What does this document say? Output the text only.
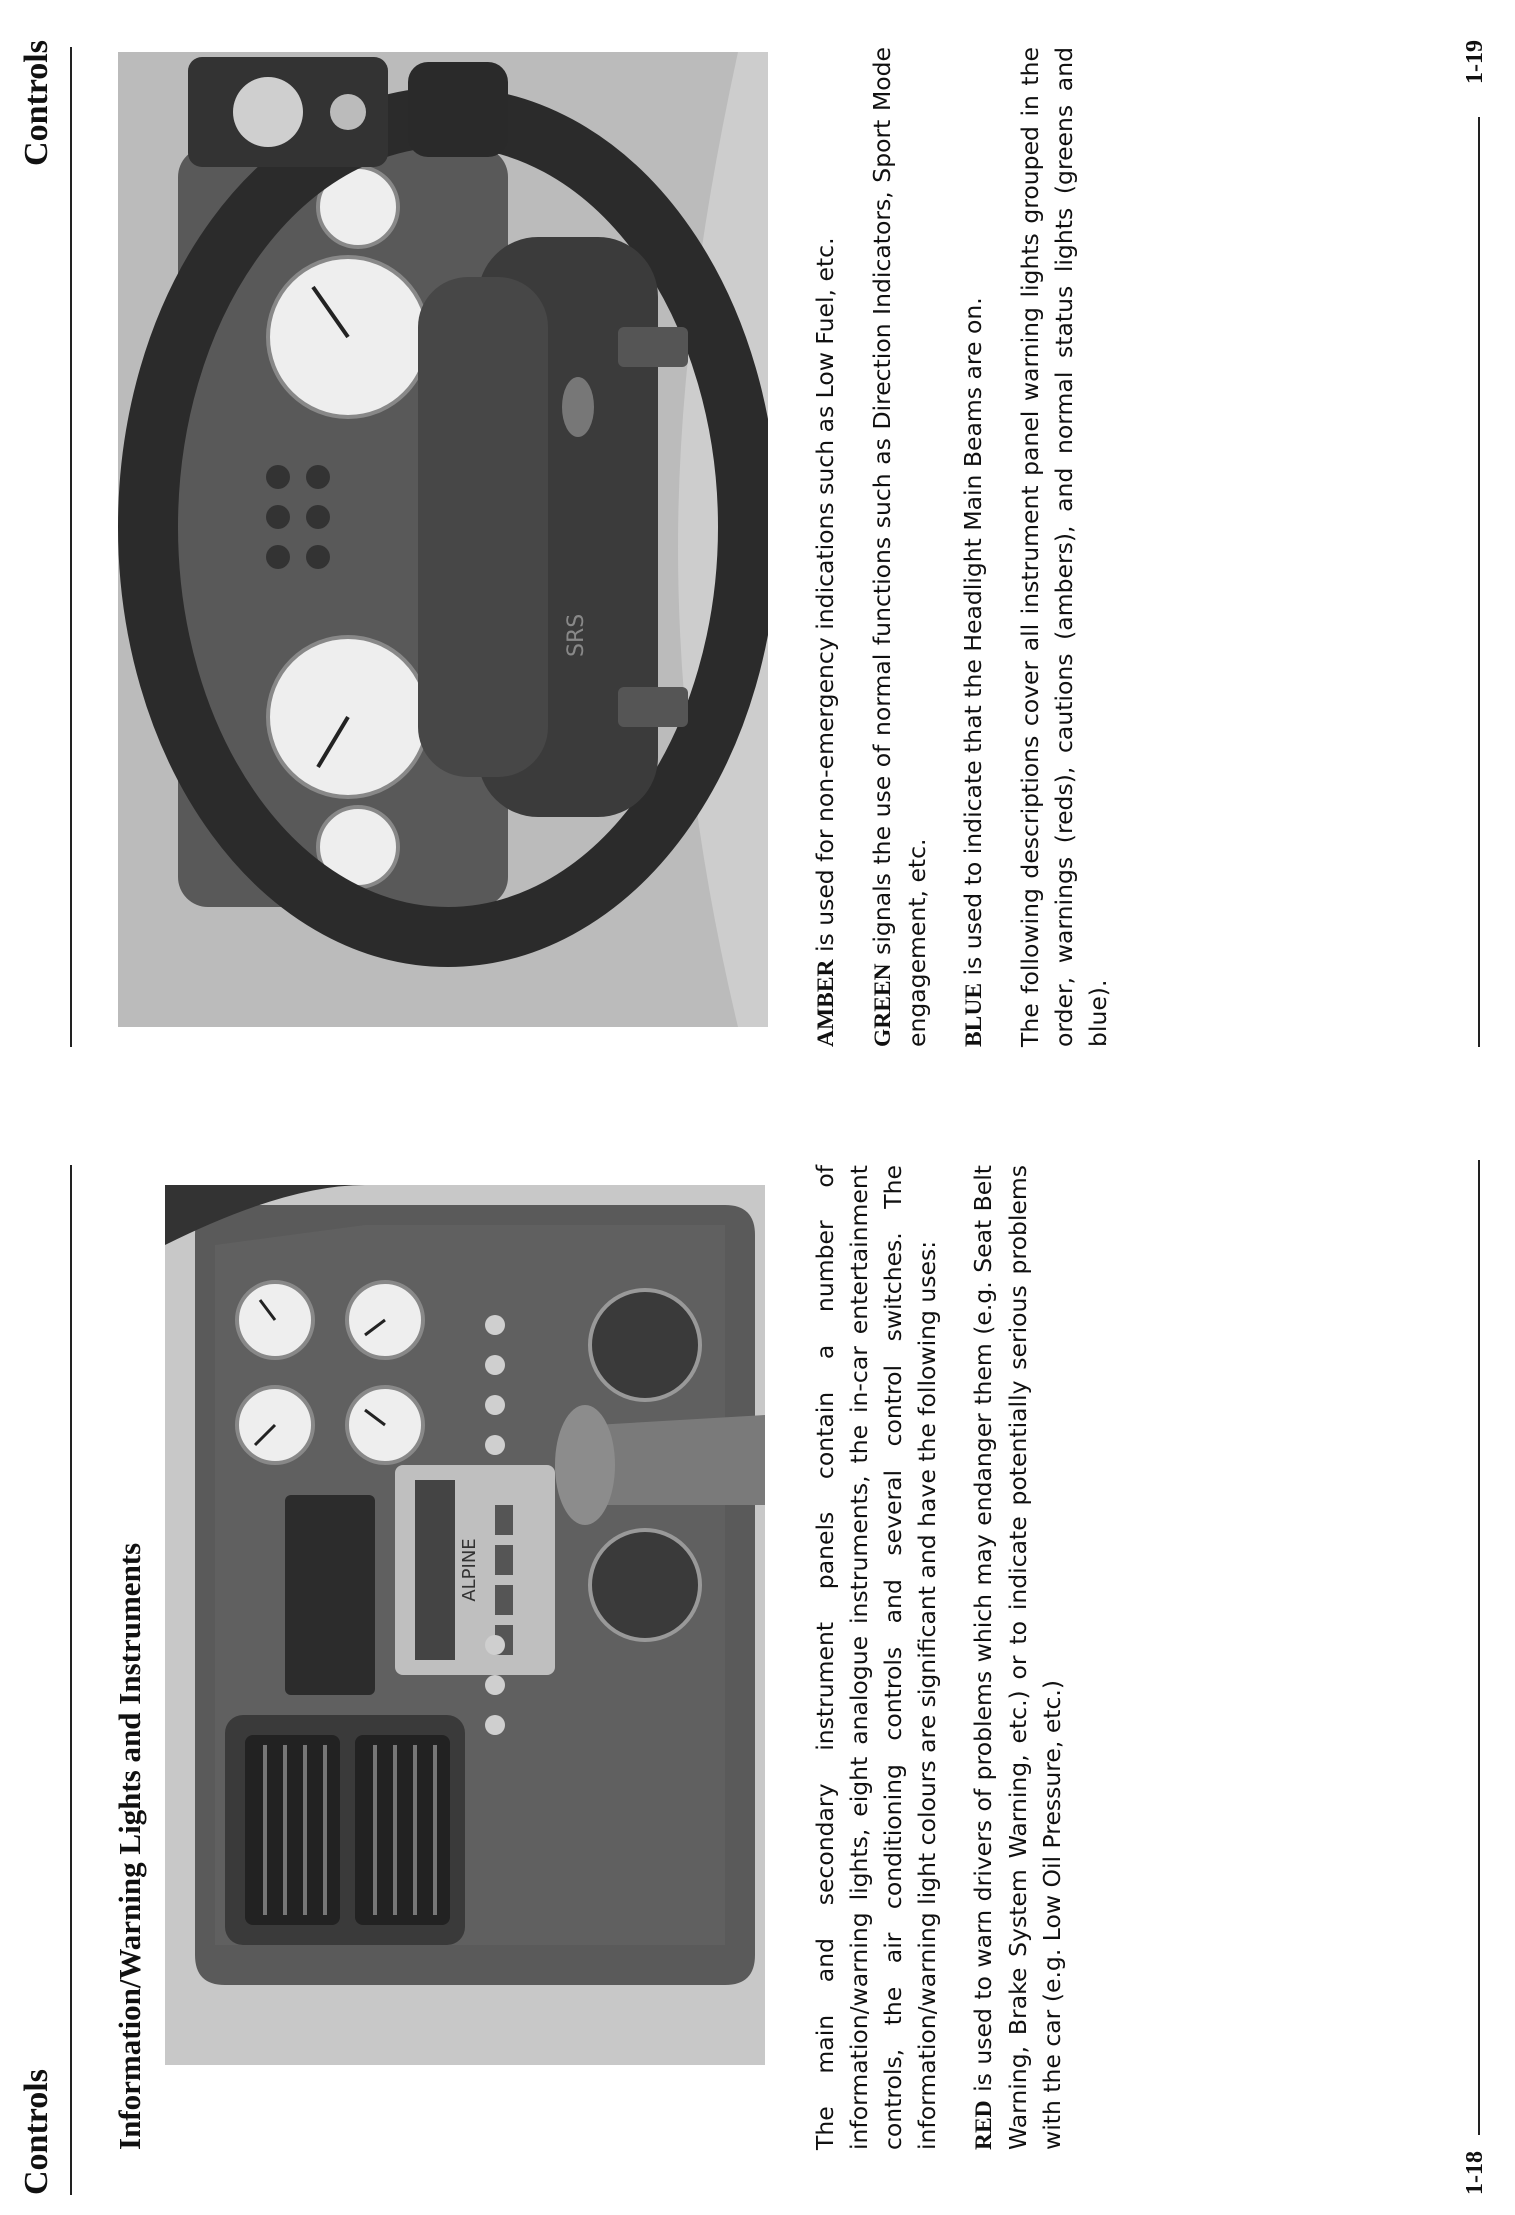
Controls Information/Warning Lights and Instruments	ALPINE	The main and secondary instrument panels contain a number of information/warning lights, eight analogue instruments, the in-car entertainment controls, the air conditioning controls and several control switches. The information/warning light colours are significant and have the following uses: RED is used to warn drivers of problems which may endanger them (e.g. Seat Belt Warning, Brake System Warning, etc.) or to indicate potentially serious problems with the car (e.g. Low Oil Pressure, etc.)

1-18
Controls
SRS

AMBER is used for non-emergency indications such as Low Fuel, etc.

GREEN signals the use of normal functions such as Direction Indicators, Sport Mode engagement, etc. BLUE is used to indicate that the Headlight Main Beams are on. The following descriptions cover all instrument panel warning lights grouped in the order, warnings (reds), cautions (ambers), and normal status lights (greens and blue).

1-19
